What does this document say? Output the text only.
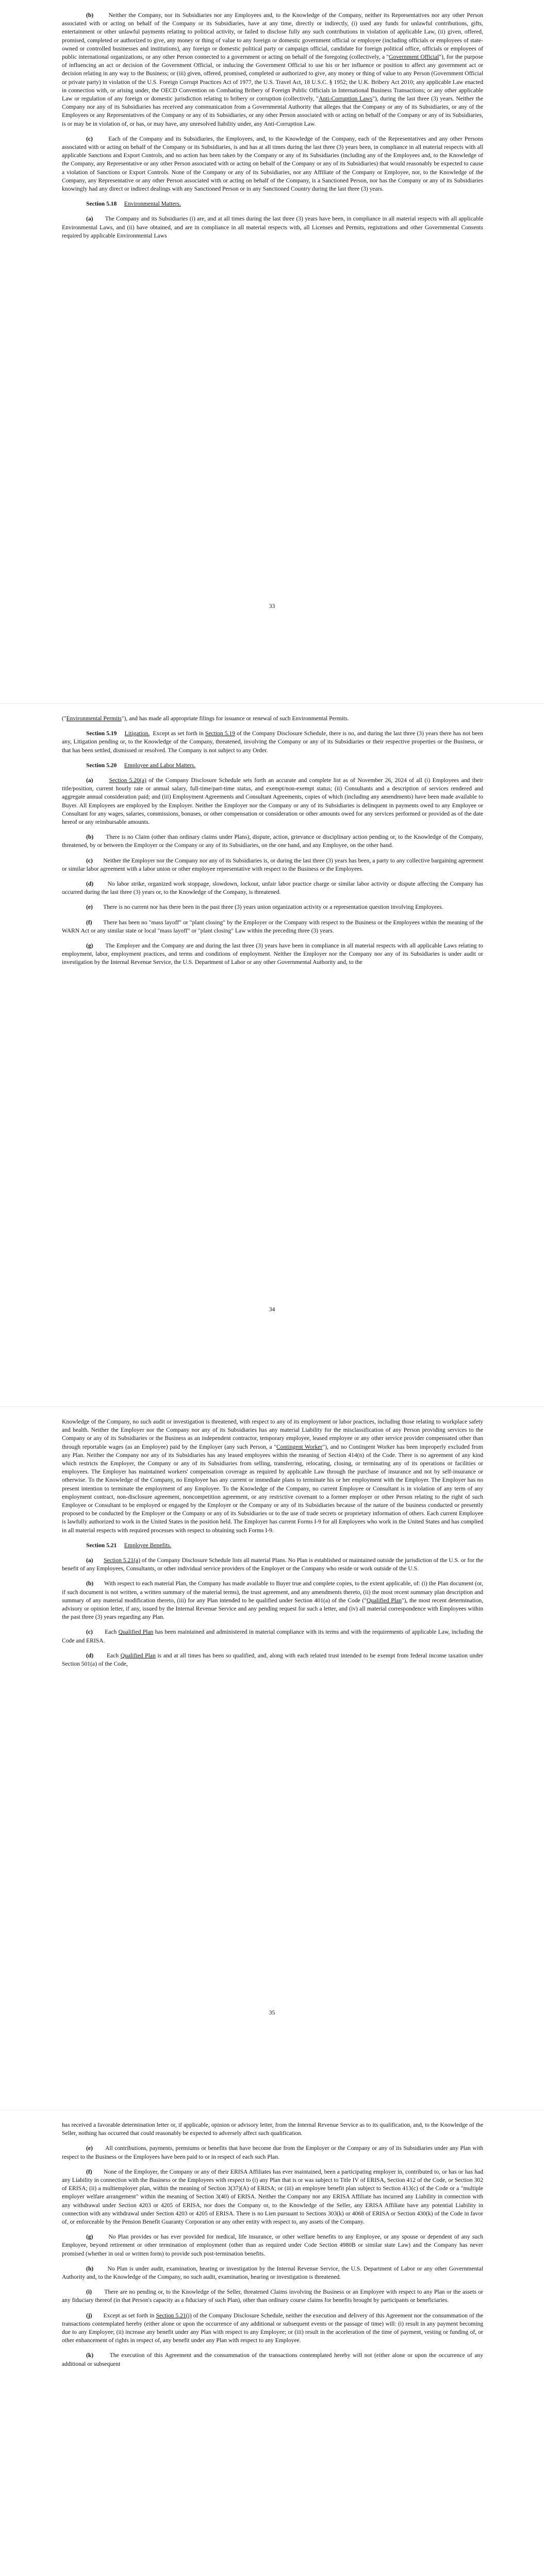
(b)	Neither the Company, nor its Subsidiaries nor any Employees and, to the Knowledge of the Company, neither its Representatives nor any other Person associated with or acting on behalf of the Company or its Subsidiaries, have at any time, directly or indirectly, (i) used any funds for unlawful contributions, gifts, entertainment or other unlawful payments relating to political activity, or failed to disclose fully any such contributions in violation of applicable Law, (ii) given, offered, promised, completed or authorized to give, any money or thing of value to any foreign or domestic government official or employee (including officials or employees of state-owned or controlled businesses and institutions), any foreign or domestic political party or campaign official, candidate for foreign political office, officials or employees of public international organizations, or any other Person connected to a government or acting on behalf of the foregoing (collectively, a "Government Official"), for the purpose of influencing an act or decision of the Government Official, or inducing the Government Official to use his or her influence or position to affect any government act or decision relating in any way to the Business; or (iii) given, offered, promised, completed or authorized to give, any money or thing of value to any Person (Government Official or private party) in violation of the U.S. Foreign Corrupt Practices Act of 1977, the U.S. Travel Act, 18 U.S.C. § 1952; the U.K. Bribery Act 2010; any applicable Law enacted in connection with, or arising under, the OECD Convention on Combating Bribery of Foreign Public Officials in International Business Transactions; or any other applicable Law or regulation of any foreign or domestic jurisdiction relating to bribery or corruption (collectively, "Anti-Corruption Laws"), during the last three (3) years. Neither the Company nor any of its Subsidiaries has received any communication from a Governmental Authority that alleges that the Company or any of its Subsidiaries, or any of the Employees or any Representatives of the Company or any of its Subsidiaries, or any other Person associated with or acting on behalf of the Company or any of its Subsidiaries, is or may be in violation of, or has, or may have, any unresolved liability under, any Anti-Corruption Law.

(c)	Each of the Company and its Subsidiaries, the Employees, and, to the Knowledge of the Company, each of the Representatives and any other Persons associated with or acting on behalf of the Company or its Subsidiaries, is and has at all times during the last three (3) years been, in compliance in all material respects with all applicable Sanctions and Export Controls, and no action has been taken by the Company or any of its Subsidiaries (including any of the Employees and, to the Knowledge of the Company, any Representative or any other Person associated with or acting on behalf of the Company or any of its Subsidiaries) that would reasonably be expected to cause a violation of Sanctions or Export Controls. None of the Company or any of its Subsidiaries, nor any Affiliate of the Company or Employee, nor, to the Knowledge of the Company, any Representative or any other Person associated with or acting on behalf of the Company, is a Sanctioned Person, nor has the Company or any of its Subsidiaries knowingly had any direct or indirect dealings with any Sanctioned Person or in any Sanctioned Country during the last three (3) years.

Section 5.18 Environmental Matters.

(a) The Company and its Subsidiaries (i) are, and at all times during the last three (3) years have been, in compliance in all material respects with all applicable Environmental Laws, and (ii) have obtained, and are in compliance in all material respects with, all Licenses and Permits, registrations and other Governmental Consents required by applicable Environmental Laws

33

("Environmental Permits"), and has made all appropriate filings for issuance or renewal of such Environmental Permits.

Section 5.19 Litigation.  Except as set forth in Section 5.19 of the Company Disclosure Schedule, there is no, and during the last three (3) years there has not been any, Litigation pending or, to the Knowledge of the Company, threatened, involving the Company or any of its Subsidiaries or their respective properties or the Business, or that has been settled, dismissed or resolved. The Company is not subject to any Order.
Section 5.20 Employee and Labor Matters.

(a)	Section 5.20(a) of the Company Disclosure Schedule sets forth an accurate and complete list as of November 26, 2024 of all (i) Employees and their title/position, current hourly rate or annual salary, full-time/part-time status, and exempt/non-exempt status; (ii) Consultants and a description of services rendered and aggregate annual consideration paid; and (iii) Employment Agreements and Consultant Agreements, copies of which (including any amendments) have been made available to Buyer. All Employees are employed by the Employer. Neither the Employer nor the Company or any of its Subsidiaries is delinquent in payments owed to any Employee or Consultant for any wages, salaries, commissions, bonuses, or other compensation or consideration or other amounts owed for any services performed or provided as of the date hereof or any reimbursable amounts.

(b) There is no Claim (other than ordinary claims under Plans), dispute, action, grievance or disciplinary action pending or, to the Knowledge of the Company, threatened, by or between the Employer or the Company or any of its Subsidiaries, on the one hand, and any Employee, on the other hand.

(c) Neither the Employer nor the Company nor any of its Subsidiaries is, or during the last three (3) years has been, a party to any collective bargaining agreement or similar labor agreement with a labor union or other employee representative with respect to the Business or the Employees.

(d) No labor strike, organized work stoppage, slowdown, lockout, unfair labor practice charge or similar labor activity or dispute affecting the Company has occurred during the last three (3) years or, to the Knowledge of the Company, is threatened.

(e) There is no current nor has there been in the past three (3) years union organization activity or a representation question involving Employees.

(f) There has been no "mass layoff" or "plant closing" by the Employer or the Company with respect to the Business or the Employees within the meaning of the WARN Act or any similar state or local "mass layoff" or "plant closing" Law within the preceding three (3) years.

(g) The Employer and the Company are and during the last three (3) years have been in compliance in all material respects with all applicable Laws relating to employment, labor, employment practices, and terms and conditions of employment. Neither the Employer nor the Company nor any of its Subsidiaries is under audit or investigation by the Internal Revenue Service, the U.S. Department of Labor or any other Governmental Authority and, to the

34

Knowledge of the Company, no such audit or investigation is threatened, with respect to any of its employment or labor practices, including those relating to workplace safety and health. Neither the Employer nor the Company nor any of its Subsidiaries has any material Liability for the misclassification of any Person providing services to the Company or any of its Subsidiaries or the Business as an independent contractor, temporary employee, leased employee or any other service provider compensated other than through reportable wages (as an Employee) paid by the Employer (any such Person, a "Contingent Worker"), and no Contingent Worker has been improperly excluded from any Plan. Neither the Company nor any of its Subsidiaries has any leased employees within the meaning of Section 414(n) of the Code. There is no agreement of any kind which restricts the Employer, the Company or any of its Subsidiaries from selling, transferring, relocating, closing, or terminating any of its operations or facilities or employees. The Employer has maintained workers' compensation coverage as required by applicable Law through the purchase of insurance and not by self-insurance or otherwise. To the Knowledge of the Company, no Employee has any current or immediate plans to terminate his or her employment with the Employer. The Employer has no present intention to terminate the employment of any Employee. To the Knowledge of the Company, no current Employee or Consultant is in violation of any term of any employment contract, non-disclosure agreement, noncompetition agreement, or any restrictive covenant to a former employer or other Person relating to the right of such Employee or Consultant to be employed or engaged by the Employer or the Company or any of its Subsidiaries because of the nature of the business conducted or presently proposed to be conducted by the Employer or the Company or any of its Subsidiaries or to the use of trade secrets or proprietary information of others. Each current Employee is lawfully authorized to work in the United States in the position held. The Employer has current Forms I-9 for all Employees who work in the United States and has complied in all material respects with required processes with respect to obtaining such Forms I-9.

Section 5.21 Employee Benefits.

(a) Section 5.21(a) of the Company Disclosure Schedule lists all material Plans. No Plan is established or maintained outside the jurisdiction of the U.S. or for the benefit of any Employees, Consultants, or other individual service providers of the Employer or the Company who reside or work outside of the U.S.

(b) With respect to each material Plan, the Company has made available to Buyer true and complete copies, to the extent applicable, of: (i) the Plan document (or, if such document is not written, a written summary of the material terms), the trust agreement, and any amendments thereto, (ii) the most recent summary plan description and summary of any material modification thereto, (iii) for any Plan intended to be qualified under Section 401(a) of the Code ("Qualified Plan"), the most recent determination, advisory or opinion letter, if any, issued by the Internal Revenue Service and any pending request for such a letter, and (iv) all material correspondence with Employees within the past three (3) years regarding any Plan.

(c) Each Qualified Plan has been maintained and administered in material compliance with its terms and with the requirements of applicable Law, including the Code and ERISA.

(d) Each Qualified Plan is and at all times has been so qualified, and, along with each related trust intended to be exempt from federal income taxation under Section 501(a) of the Code,

35

has received a favorable determination letter or, if applicable, opinion or advisory letter, from the Internal Revenue Service as to its qualification, and, to the Knowledge of the Seller, nothing has occurred that could reasonably be expected to adversely affect such qualification.

(e) All contributions, payments, premiums or benefits that have become due from the Employer or the Company or any of its Subsidiaries under any Plan with respect to the Business or the Employees have been paid to or in respect of each such Plan.

(f) None of the Employer, the Company or any of their ERISA Affiliates has ever maintained, been a participating employer in, contributed to, or has or has had any Liability in connection with the Business or the Employees with respect to (i) any Plan that is or was subject to Title IV of ERISA, Section 412 of the Code, or Section 302 of ERISA; (ii) a multiemployer plan, within the meaning of Section 3(37)(A) of ERISA; or (iii) an employee benefit plan subject to Section 413(c) of the Code or a "multiple employer welfare arrangement" within the meaning of Section 3(40) of ERISA. Neither the Company nor any ERISA Affiliate has incurred any Liability in connection with any withdrawal under Section 4203 or 4205 of ERISA, nor does the Company or, to the Knowledge of the Seller, any ERISA Affiliate have any potential Liability in connection with any withdrawal under Section 4203 or 4205 of ERISA. There is no Lien pursuant to Sections 303(k) or 4068 of ERISA or Section 430(k) of the Code in favor of, or enforceable by the Pension Benefit Guaranty Corporation or any other entity with respect to, any assets of the Company.

(g)	No Plan provides or has ever provided for medical, life insurance, or other welfare benefits to any Employee, or any spouse or dependent of any such Employee, beyond retirement or other termination of employment (other than as required under Code Section 4980B or similar state Law) and the Company has never promised (whether in oral or written form) to provide such post-termination benefits.

(h) No Plan is under audit, examination, hearing or investigation by the Internal Revenue Service, the U.S. Department of Labor or any other Governmental Authority and, to the Knowledge of the Company, no such audit, examination, hearing or investigation is threatened.

(i) There are no pending or, to the Knowledge of the Seller, threatened Claims involving the Business or an Employee with respect to any Plan or the assets or any fiduciary thereof (in that Person's capacity as a fiduciary of such Plan), other than ordinary course claims for benefits brought by participants or beneficiaries.

(j) Except as set forth in Section 5.21(j) of the Company Disclosure Schedule, neither the execution and delivery of this Agreement nor the consummation of the transactions contemplated hereby (either alone or upon the occurrence of any additional or subsequent events or the passage of time) will: (i) result in any payment becoming due to any Employee; (ii) increase any benefit under any Plan with respect to any Employee; or (iii) result in the acceleration of the time of payment, vesting or funding of, or other enhancement of rights in respect of, any benefit under any Plan with respect to any Employee.

(k)	The execution of this Agreement and the consummation of the transactions contemplated hereby will not (either alone or upon the occurrence of any additional or subsequent
